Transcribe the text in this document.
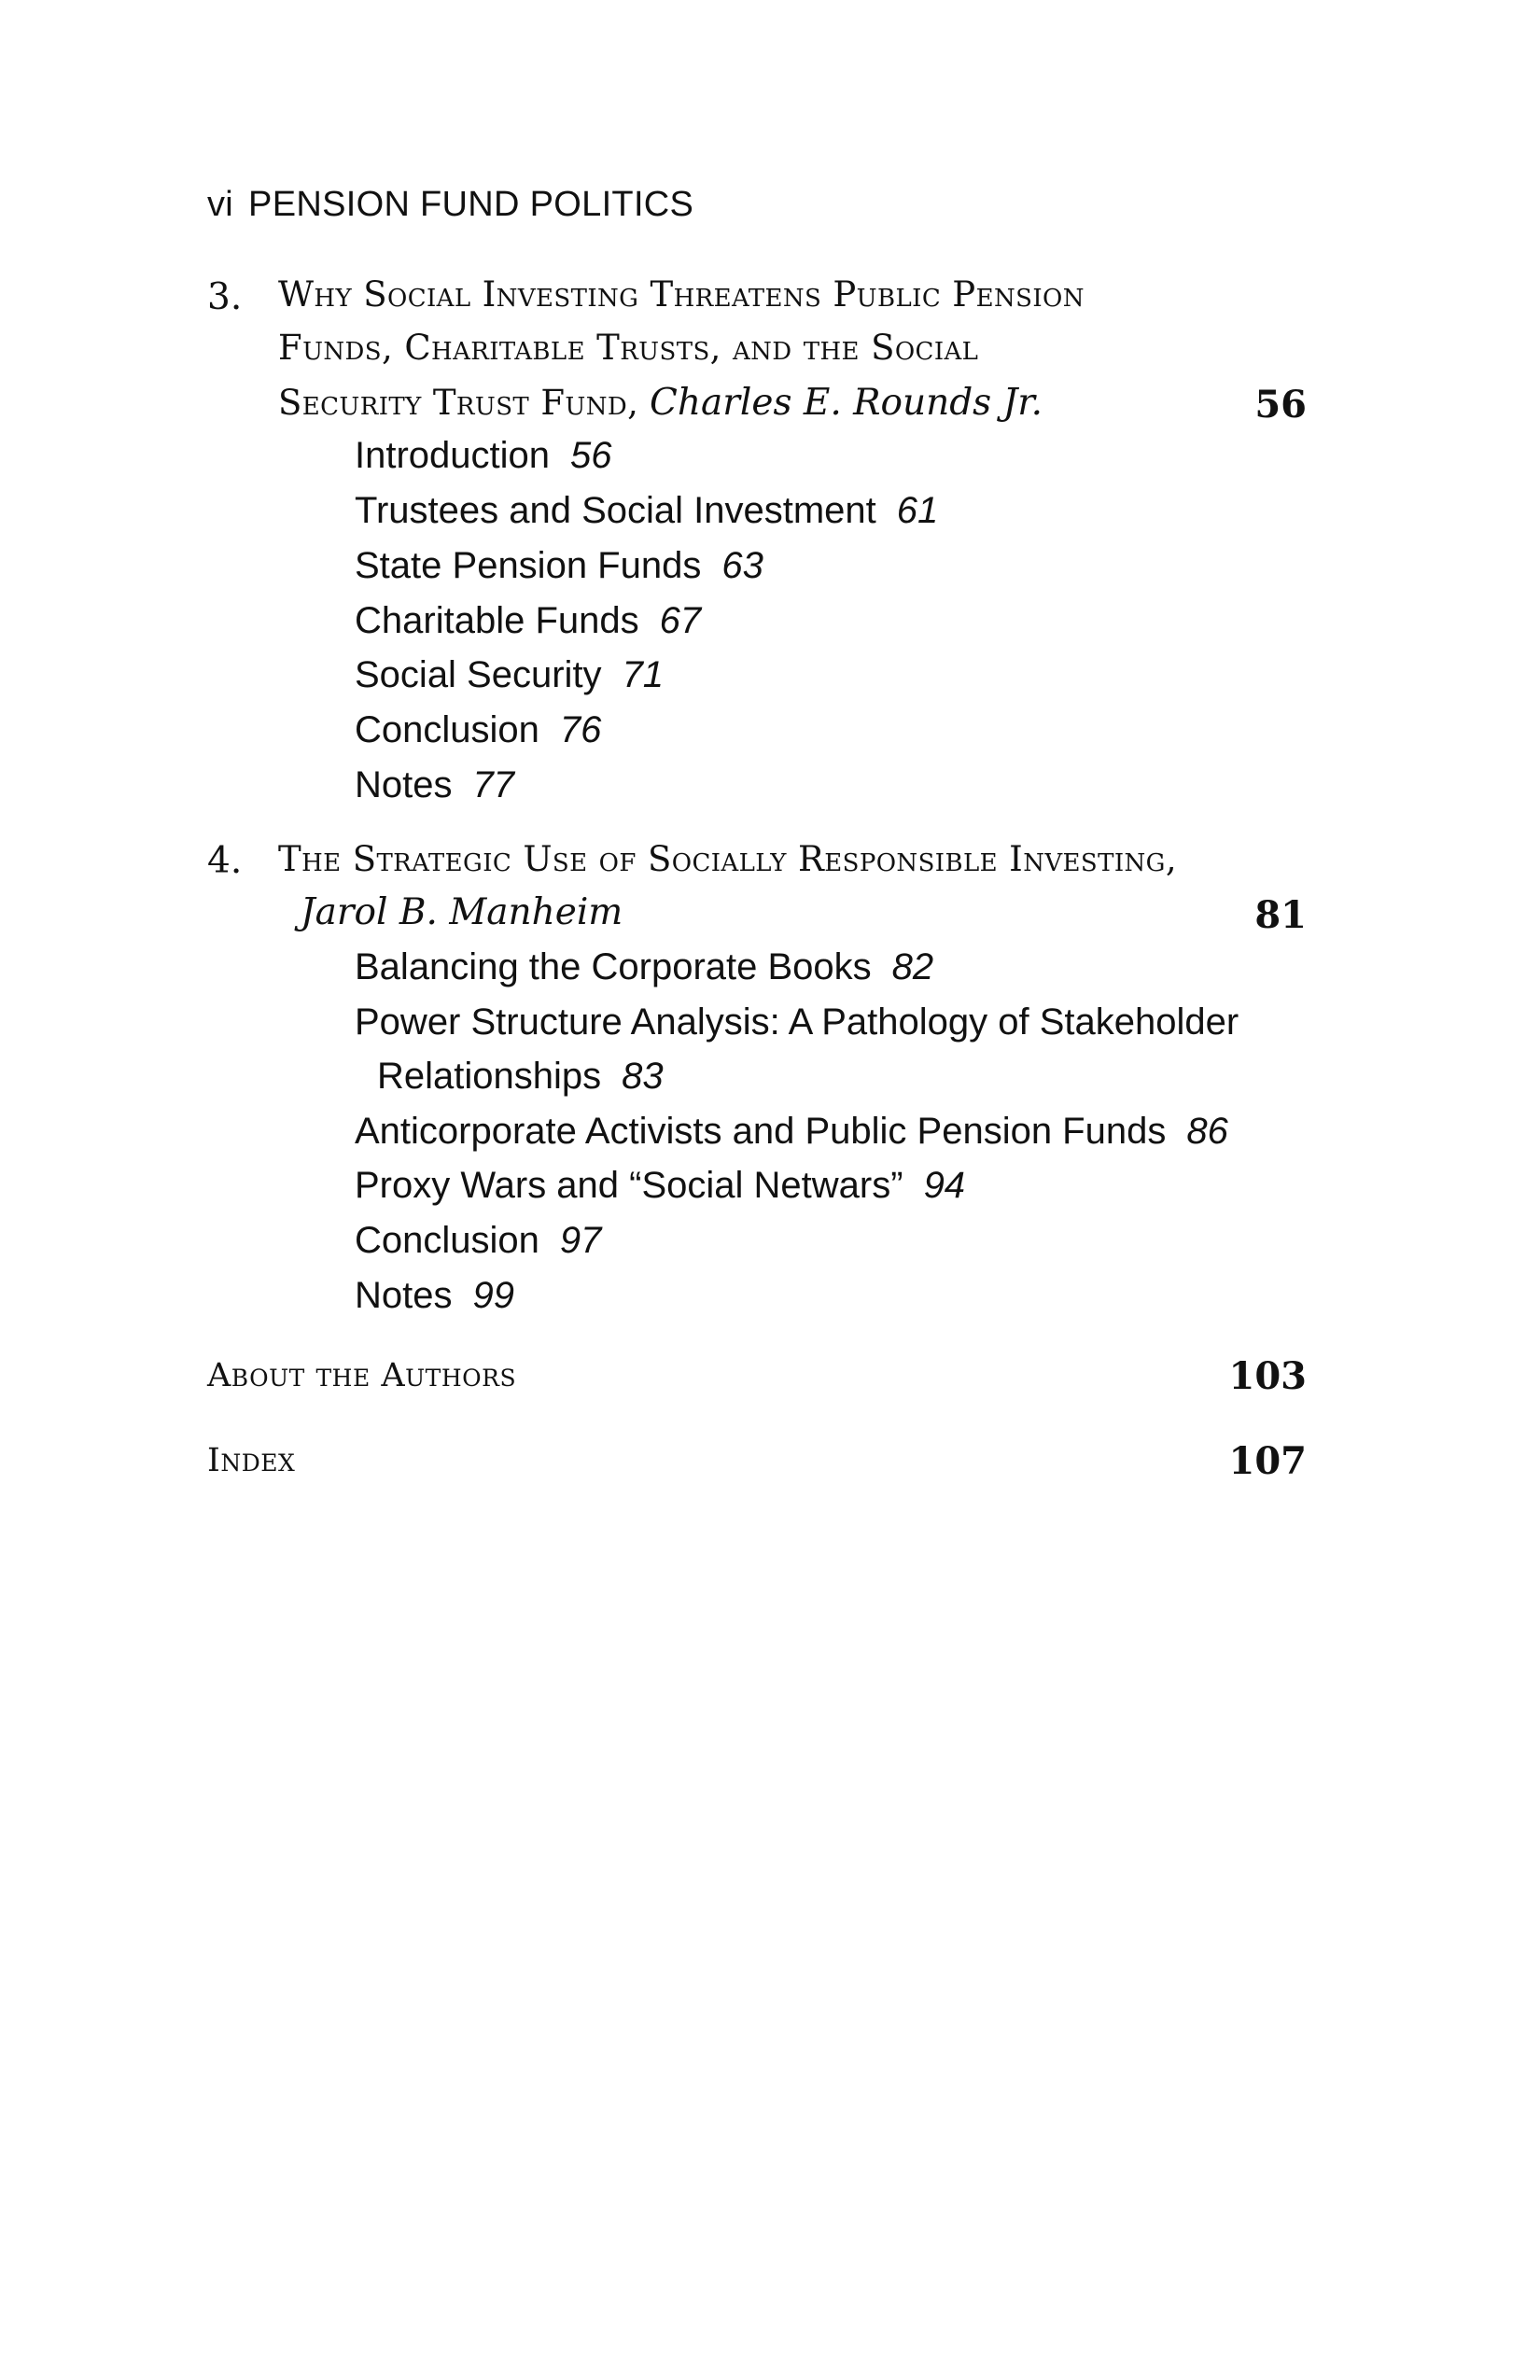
vi PENSION FUND POLITICS
3. Why Social Investing Threatens Public Pension
Funds, Charitable Trusts, and the Social
Security Trust Fund, Charles E. Rounds Jr.	56
Introduction 56
Trustees and Social Investment 61
State Pension Funds 63
Charitable Funds 67
Social Security 71
Conclusion 76
Notes 77
4. The Strategic Use of Socially Responsible Investing,
Jarol B. Manheim	81
Balancing the Corporate Books 82
Power Structure Analysis: A Pathology of Stakeholder
Relationships 83
Anticorporate Activists and Public Pension Funds 86
Proxy Wars and “Social Netwars” 94
Conclusion 97
Notes 99
About the Authors	103
Index	107
